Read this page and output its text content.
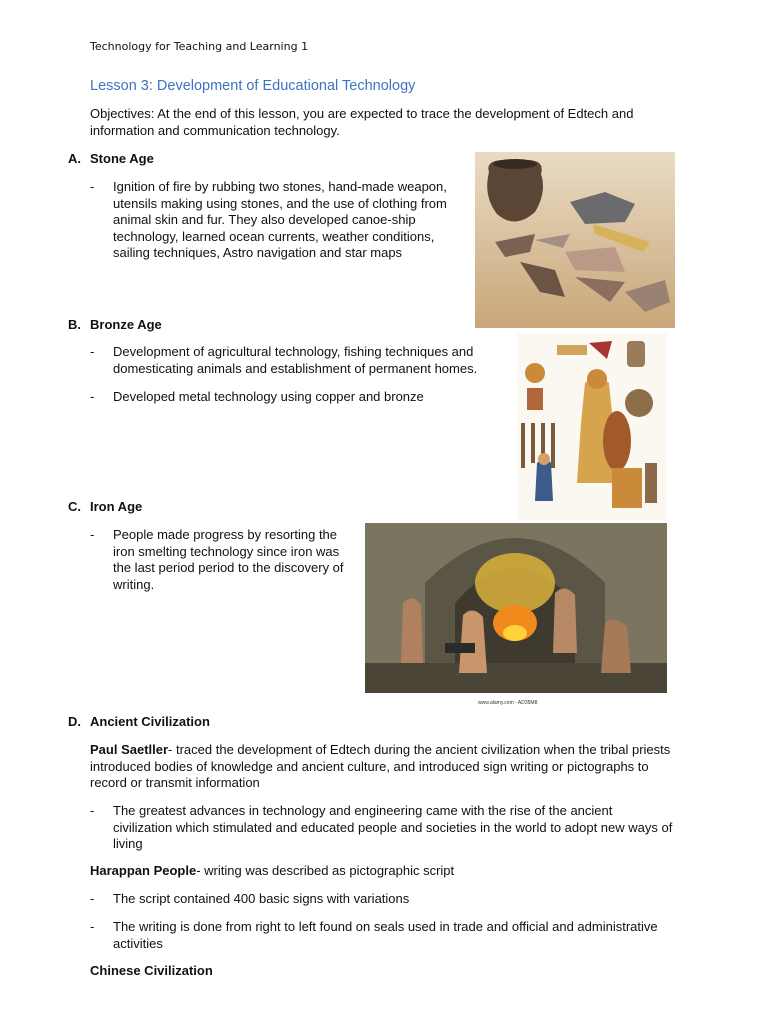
Technology for Teaching and Learning 1
Lesson 3: Development of Educational Technology
Objectives: At the end of this lesson, you are expected to trace the development of Edtech and information and communication technology.
A. Stone Age
- Ignition of fire by rubbing two stones, hand-made weapon, utensils making using stones, and the use of clothing from animal skin and fur. They also developed canoe-ship technology, learned ocean currents, weather conditions, sailing techniques, Astro navigation and star maps
B. Bronze Age
- Development of agricultural technology, fishing techniques and domesticating animals and establishment of permanent homes.
- Developed metal technology using copper and bronze
C. Iron Age
- People made progress by resorting the iron smelting technology since iron was the last period period to the discovery of writing.
www.alamy.com - AD35M8
D. Ancient Civilization
Paul Saetller- traced the development of Edtech during the ancient civilization when the tribal priests introduced bodies of knowledge and ancient culture, and introduced sign writing or pictographs to record or transmit information
- The greatest advances in technology and engineering came with the rise of the ancient civilization which stimulated and educated people and societies in the world to adopt new ways of living
Harappan People- writing was described as pictographic script
- The script contained 400 basic signs with variations
- The writing is done from right to left found on seals used in trade and official and administrative activities
Chinese Civilization
